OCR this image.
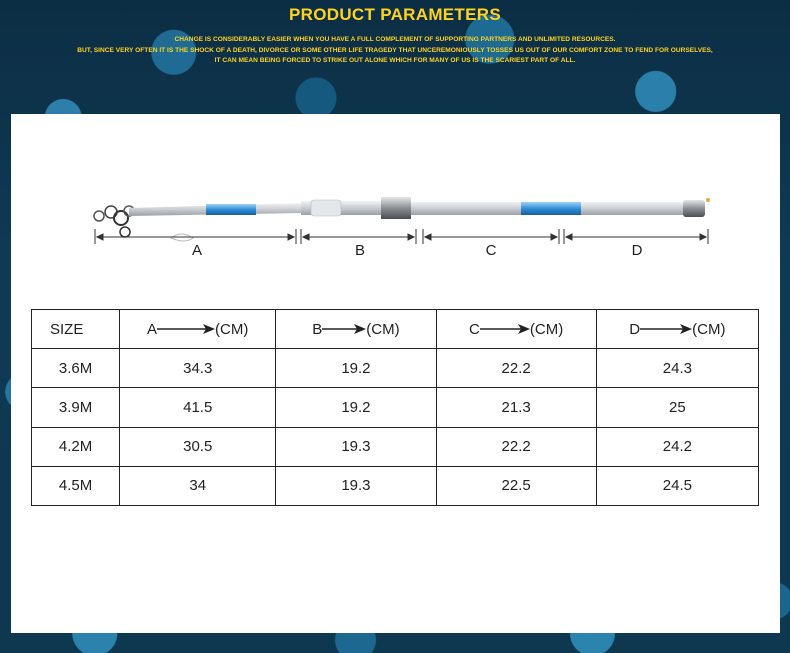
PRODUCT PARAMETERS
CHANGE IS CONSIDERABLY EASIER WHEN YOU HAVE A FULL COMPLEMENT OF SUPPORTING PARTNERS AND UNLIMITED RESOURCES.
BUT, SINCE VERY OFTEN IT IS THE SHOCK OF A DEATH, DIVORCE OR SOME OTHER LIFE TRAGEDY THAT UNCEREMONIOUSLY TOSSES US OUT OF OUR COMFORT ZONE TO FEND FOR OURSELVES,
IT CAN MEAN BEING FORCED TO STRIKE OUT ALONE WHICH FOR MANY OF US IS THE SCARIEST PART OF ALL.
A	B	C	D
SIZE	A (CM)	B (CM)	C (CM)	D (CM)

3.6M	34.3	19.2	22.2	24.3
3.9M	41.5	19.2	21.3	25
4.2M	30.5	19.3	22.2	24.2
4.5M	34	19.3	22.5	24.5
